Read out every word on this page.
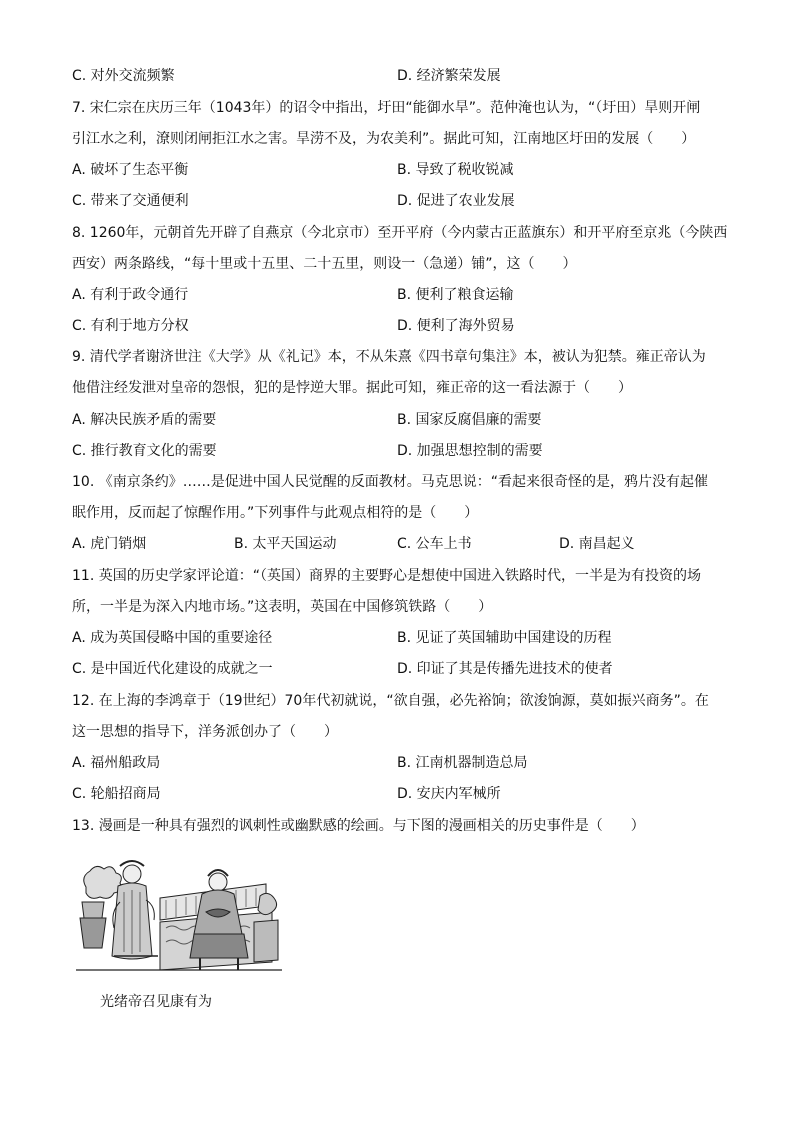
C. 对外交流频繁	D. 经济繁荣发展
7. 宋仁宗在庆历三年（1043年）的诏令中指出，圩田“能御水旱”。范仲淹也认为，“（圩田）旱则开闸
引江水之利，潦则闭闸拒江水之害。旱涝不及，为农美利”。据此可知，江南地区圩田的发展（　　）
A. 破坏了生态平衡	B. 导致了税收锐减
C. 带来了交通便利	D. 促进了农业发展
8. 1260年，元朝首先开辟了自燕京（今北京市）至开平府（今内蒙古正蓝旗东）和开平府至京兆（今陕西
西安）两条路线，“每十里或十五里、二十五里，则设一（急递）铺”，这（　　）
A. 有利于政令通行	B. 便利了粮食运输
C. 有利于地方分权	D. 便利了海外贸易
9. 清代学者谢济世注《大学》从《礼记》本，不从朱熹《四书章句集注》本，被认为犯禁。雍正帝认为
他借注经发泄对皇帝的怨恨，犯的是悖逆大罪。据此可知，雍正帝的这一看法源于（　　）
A. 解决民族矛盾的需要	B. 国家反腐倡廉的需要
C. 推行教育文化的需要	D. 加强思想控制的需要
10. 《南京条约》……是促进中国人民觉醒的反面教材。马克思说：“看起来很奇怪的是，鸦片没有起催
眠作用，反而起了惊醒作用。”下列事件与此观点相符的是（　　）
A. 虎门销烟	B. 太平天国运动	C. 公车上书	D. 南昌起义
11. 英国的历史学家评论道：“（英国）商界的主要野心是想使中国进入铁路时代，一半是为有投资的场
所，一半是为深入内地市场。”这表明，英国在中国修筑铁路（　　）
A. 成为英国侵略中国的重要途径	B. 见证了英国辅助中国建设的历程
C. 是中国近代化建设的成就之一	D. 印证了其是传播先进技术的使者
12. 在上海的李鸿章于（19世纪）70年代初就说，“欲自强，必先裕饷；欲浚饷源，莫如振兴商务”。在
这一思想的指导下，洋务派创办了（　　）
A. 福州船政局	B. 江南机器制造总局
C. 轮船招商局	D. 安庆内军械所
13. 漫画是一种具有强烈的讽刺性或幽默感的绘画。与下图的漫画相关的历史事件是（　　）
光绪帝召见康有为
